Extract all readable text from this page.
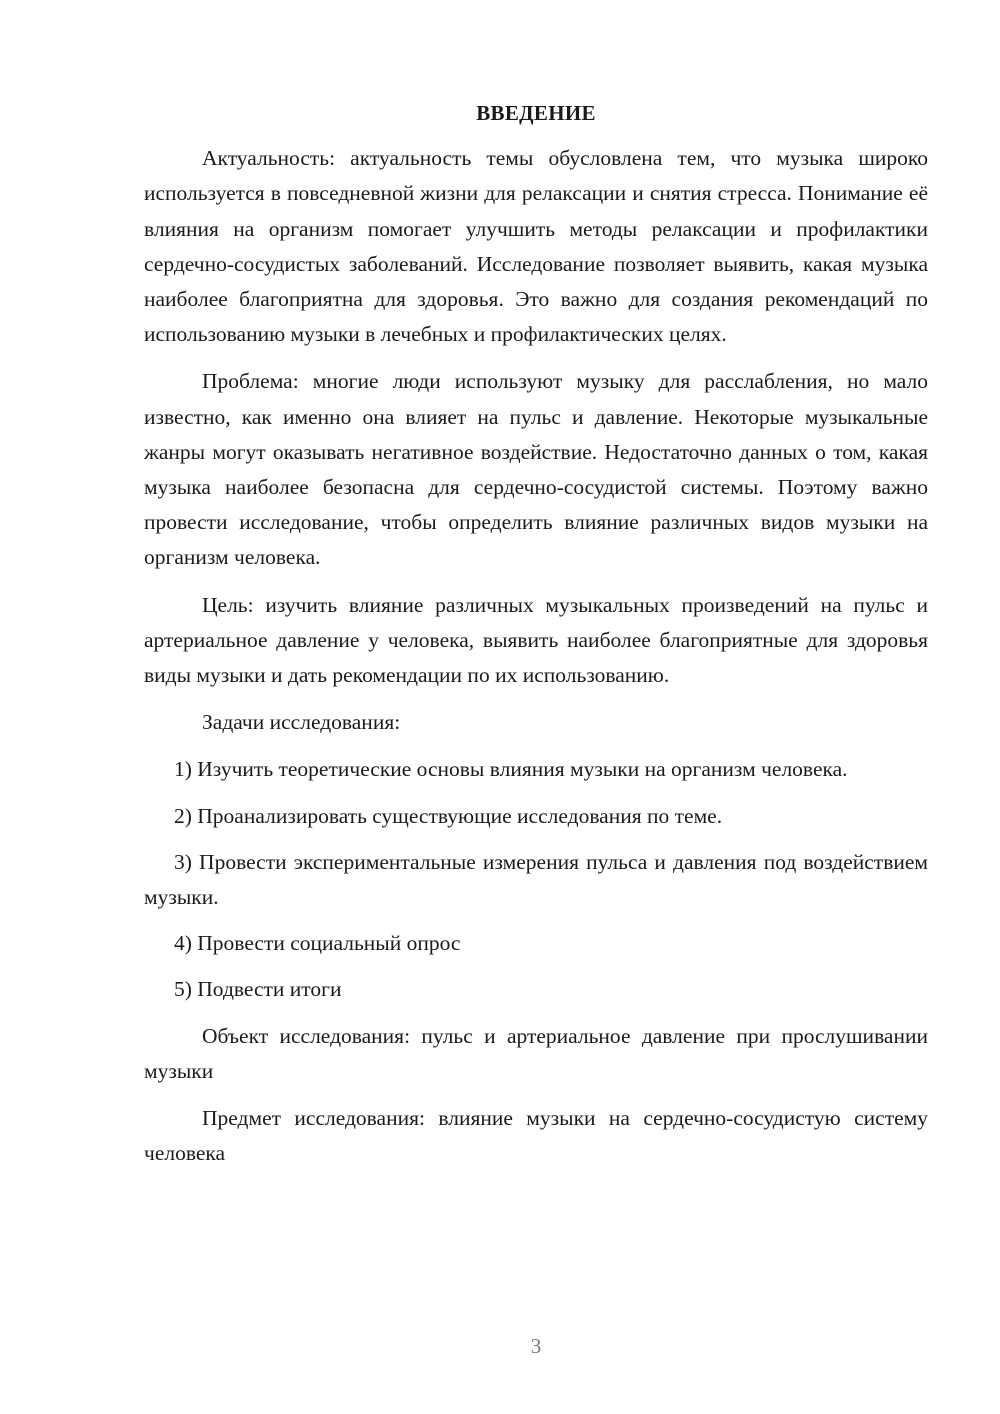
ВВЕДЕНИЕ

Актуальность: актуальность темы обусловлена тем, что музыка широко используется в повседневной жизни для релаксации и снятия стресса. Понимание её влияния на организм помогает улучшить методы релаксации и профилактики сердечно-сосудистых заболеваний. Исследование позволяет выявить, какая музыка наиболее благоприятна для здоровья. Это важно для создания рекомендаций по использованию музыки в лечебных и профилактических целях.

Проблема: многие люди используют музыку для расслабления, но мало известно, как именно она влияет на пульс и давление. Некоторые музыкальные жанры могут оказывать негативное воздействие. Недостаточно данных о том, какая музыка наиболее безопасна для сердечно-сосудистой системы. Поэтому важно провести исследование, чтобы определить влияние различных видов музыки на организм человека.

Цель: изучить влияние различных музыкальных произведений на пульс и артериальное давление у человека, выявить наиболее благоприятные для здоровья виды музыки и дать рекомендации по их использованию.

Задачи исследования:

1) Изучить теоретические основы влияния музыки на организм человека.

2) Проанализировать существующие исследования по теме.

3) Провести экспериментальные измерения пульса и давления под воздействием музыки.

4) Провести социальный опрос

5) Подвести итоги

Объект исследования: пульс и артериальное давление при прослушивании музыки

Предмет исследования: влияние музыки на сердечно-сосудистую систему человека

3
